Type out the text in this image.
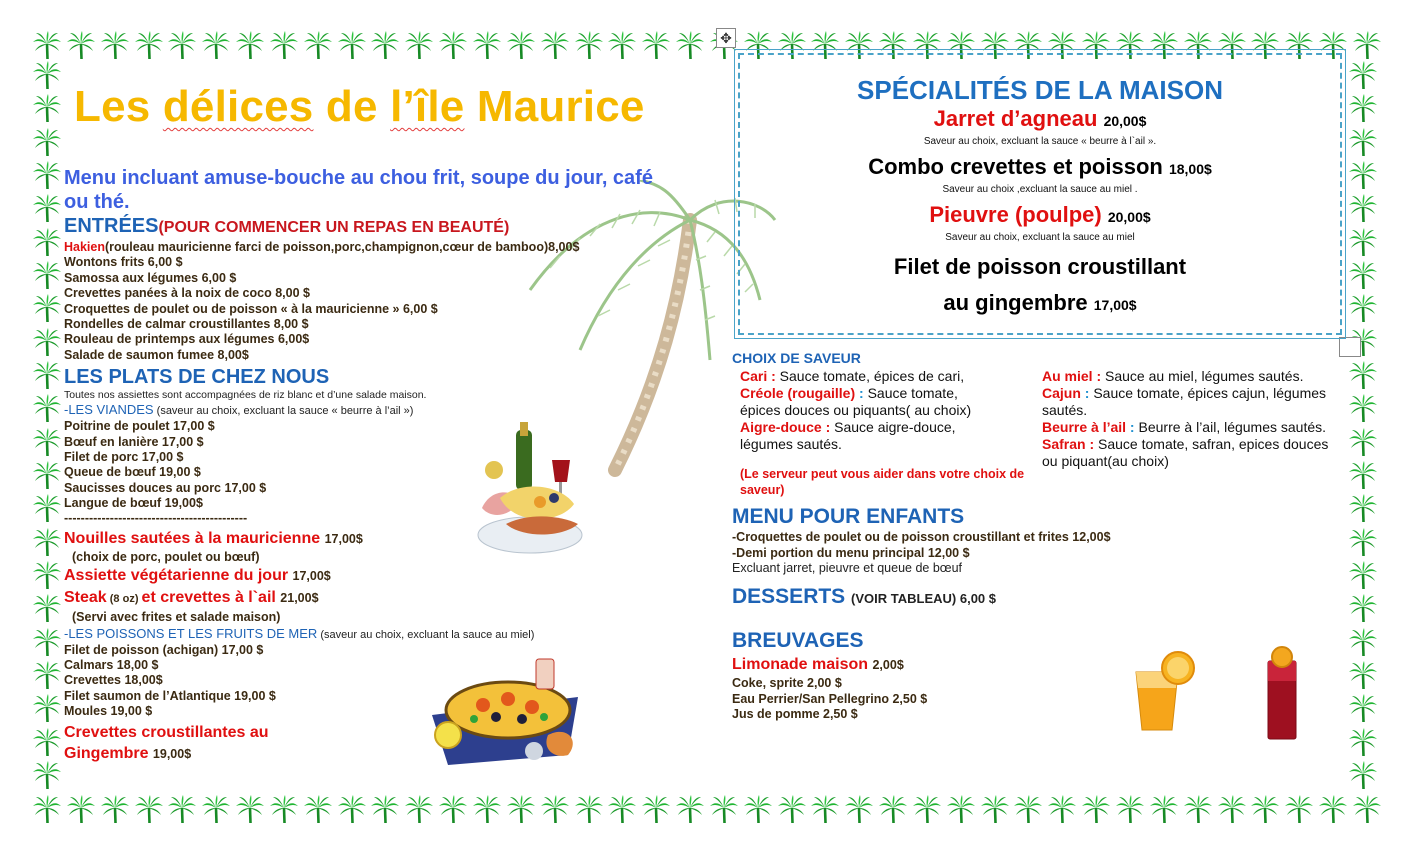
✥
Les délices de l’île Maurice
Menu incluant amuse-bouche au chou frit, soupe du jour, café ou thé.
ENTRÉES(POUR COMMENCER UN REPAS EN BEAUTÉ)
Hakien(rouleau mauricienne farci de poisson,porc,champignon,cœur de bamboo)8,00$
Wontons frits 6,00 $
Samossa aux légumes 6,00 $
Crevettes panées à la noix de coco 8,00 $
Croquettes de poulet ou de poisson « à la mauricienne » 6,00 $
Rondelles de calmar croustillantes 8,00 $
Rouleau de printemps aux légumes 6,00$
Salade de saumon fumee 8,00$
LES PLATS DE CHEZ NOUS
Toutes nos assiettes sont accompagnées de riz blanc et d’une salade maison.
-LES VIANDES (saveur au choix, excluant la sauce « beurre à l’ail »)
Poitrine de poulet 17,00 $
Bœuf en lanière 17,00 $
Filet de porc 17,00 $
Queue de bœuf 19,00 $
Saucisses douces au porc 17,00 $
Langue de bœuf 19,00$
--------------------------------------------
Nouilles sautées à la mauricienne 17,00$
(choix de porc, poulet ou bœuf)
Assiette végétarienne du jour 17,00$
Steak (8 oz) et crevettes à l`ail 21,00$
(Servi avec frites et salade maison)
-LES POISSONS ET LES FRUITS DE MER (saveur au choix, excluant la sauce au miel)
Filet de poisson (achigan) 17,00 $
Calmars 18,00 $
Crevettes 18,00$
Filet saumon de l’Atlantique 19,00 $
Moules 19,00 $
Crevettes croustillantes au
Gingembre 19,00$
SPÉCIALITÉS DE LA MAISON
Jarret d’agneau 20,00$
Saveur au choix, excluant la sauce « beurre à l`ail ».
Combo crevettes et poisson 18,00$
Saveur au choix ,excluant la sauce au miel .
Pieuvre (poulpe) 20,00$
Saveur au choix, excluant la sauce au miel
Filet de poisson croustillant
au gingembre 17,00$
CHOIX DE SAVEUR
Cari : Sauce tomate, épices de cari,
Créole (rougaille) : Sauce tomate, épices douces ou piquants( au choix)
Aigre-douce : Sauce aigre-douce, légumes sautés.
Au miel : Sauce au miel, légumes sautés.
Cajun : Sauce tomate, épices cajun, légumes sautés.
Beurre à l’ail : Beurre à l’ail, légumes sautés.
Safran : Sauce tomate, safran, epices douces ou piquant(au choix)
(Le serveur peut vous aider dans votre choix de saveur)
MENU POUR ENFANTS
-Croquettes de poulet ou de poisson croustillant et frites 12,00$
-Demi portion du menu principal 12,00 $
Excluant jarret, pieuvre et queue de bœuf
DESSERTS (VOIR TABLEAU) 6,00 $
BREUVAGES
Limonade maison 2,00$
Coke, sprite 2,00 $
Eau Perrier/San Pellegrino 2,50 $
Jus de pomme 2,50 $
